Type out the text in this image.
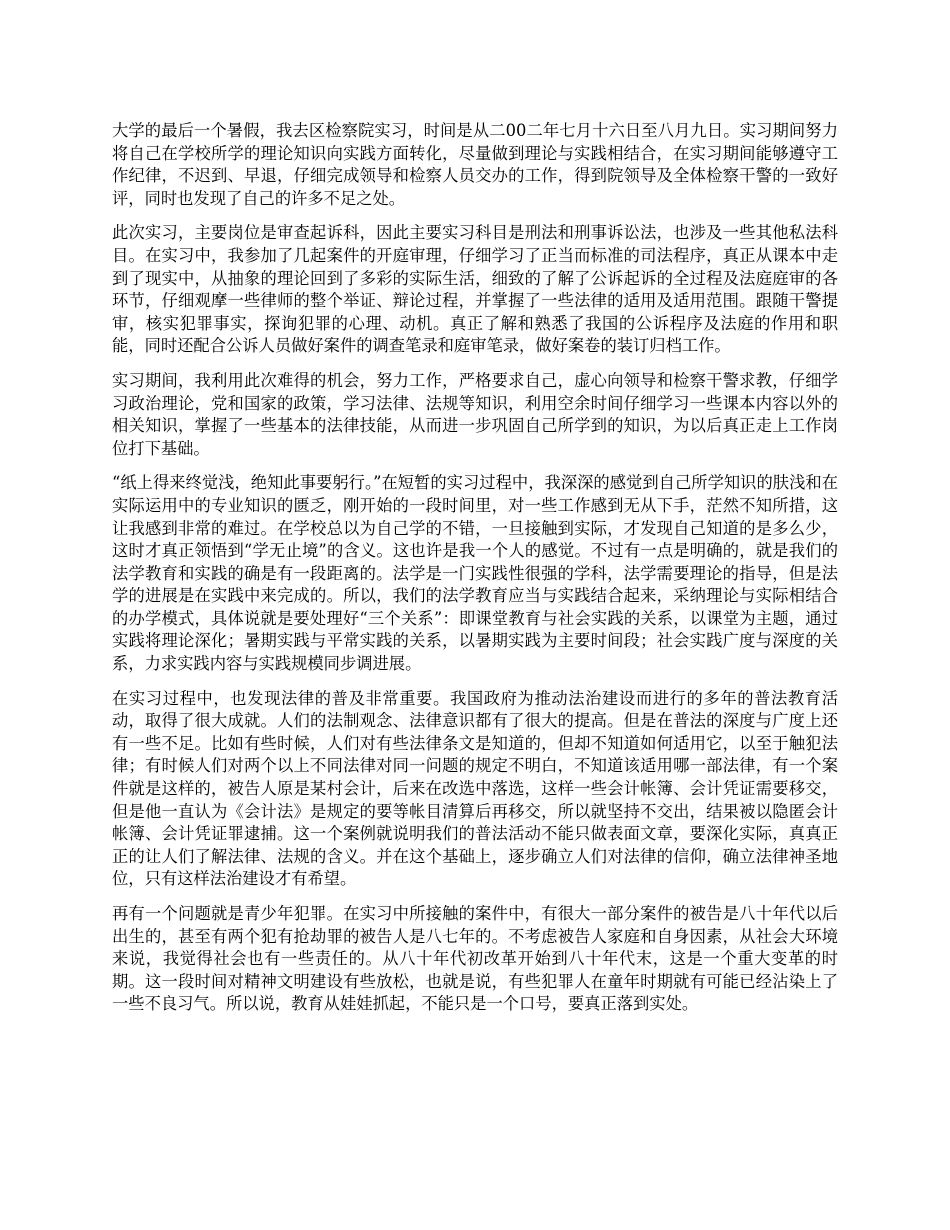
大学的最后一个暑假，我去区检察院实习，时间是从二00二年七月十六日至八月九日。实习期间努力将自己在学校所学的理论知识向实践方面转化，尽量做到理论与实践相结合，在实习期间能够遵守工作纪律，不迟到、早退，仔细完成领导和检察人员交办的工作，得到院领导及全体检察干警的一致好评，同时也发现了自己的许多不足之处。

此次实习，主要岗位是审查起诉科，因此主要实习科目是刑法和刑事诉讼法，也涉及一些其他私法科目。在实习中，我参加了几起案件的开庭审理，仔细学习了正当而标准的司法程序，真正从课本中走到了现实中，从抽象的理论回到了多彩的实际生活，细致的了解了公诉起诉的全过程及法庭庭审的各环节，仔细观摩一些律师的整个举证、辩论过程，并掌握了一些法律的适用及适用范围。跟随干警提审，核实犯罪事实，探询犯罪的心理、动机。真正了解和熟悉了我国的公诉程序及法庭的作用和职能，同时还配合公诉人员做好案件的调查笔录和庭审笔录，做好案卷的装订归档工作。

实习期间，我利用此次难得的机会，努力工作，严格要求自己，虚心向领导和检察干警求教，仔细学习政治理论，党和国家的政策，学习法律、法规等知识，利用空余时间仔细学习一些课本内容以外的相关知识，掌握了一些基本的法律技能，从而进一步巩固自己所学到的知识，为以后真正走上工作岗位打下基础。

“纸上得来终觉浅，绝知此事要躬行。”在短暂的实习过程中，我深深的感觉到自己所学知识的肤浅和在实际运用中的专业知识的匮乏，刚开始的一段时间里，对一些工作感到无从下手，茫然不知所措，这让我感到非常的难过。在学校总以为自己学的不错，一旦接触到实际，才发现自己知道的是多么少，这时才真正领悟到“学无止境”的含义。这也许是我一个人的感觉。不过有一点是明确的，就是我们的法学教育和实践的确是有一段距离的。法学是一门实践性很强的学科，法学需要理论的指导，但是法学的进展是在实践中来完成的。所以，我们的法学教育应当与实践结合起来，采纳理论与实际相结合的办学模式，具体说就是要处理好“三个关系”：即课堂教育与社会实践的关系，以课堂为主题，通过实践将理论深化；暑期实践与平常实践的关系，以暑期实践为主要时间段；社会实践广度与深度的关系，力求实践内容与实践规模同步调进展。

在实习过程中，也发现法律的普及非常重要。我国政府为推动法治建设而进行的多年的普法教育活动，取得了很大成就。人们的法制观念、法律意识都有了很大的提高。但是在普法的深度与广度上还有一些不足。比如有些时候，人们对有些法律条文是知道的，但却不知道如何适用它，以至于触犯法律；有时候人们对两个以上不同法律对同一问题的规定不明白，不知道该适用哪一部法律，有一个案件就是这样的，被告人原是某村会计，后来在改选中落选，这样一些会计帐簿、会计凭证需要移交，但是他一直认为《会计法》是规定的要等帐目清算后再移交，所以就坚持不交出，结果被以隐匿会计帐簿、会计凭证罪逮捕。这一个案例就说明我们的普法活动不能只做表面文章，要深化实际，真真正正的让人们了解法律、法规的含义。并在这个基础上，逐步确立人们对法律的信仰，确立法律神圣地位，只有这样法治建设才有希望。

再有一个问题就是青少年犯罪。在实习中所接触的案件中，有很大一部分案件的被告是八十年代以后出生的，甚至有两个犯有抢劫罪的被告人是八七年的。不考虑被告人家庭和自身因素，从社会大环境来说，我觉得社会也有一些责任的。从八十年代初改革开始到八十年代末，这是一个重大变革的时期。这一段时间对精神文明建设有些放松，也就是说，有些犯罪人在童年时期就有可能已经沾染上了一些不良习气。所以说，教育从娃娃抓起，不能只是一个口号，要真正落到实处。
